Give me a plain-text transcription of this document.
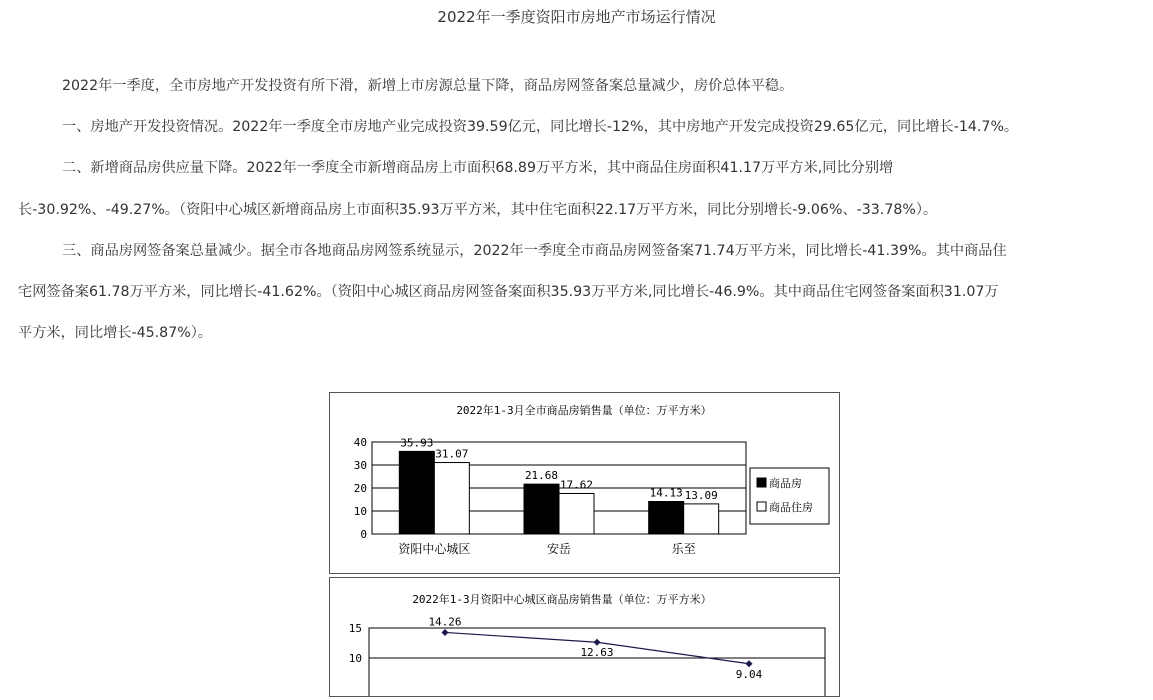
2022年一季度资阳市房地产市场运行情况

2022年一季度，全市房地产开发投资有所下滑，新增上市房源总量下降，商品房网签备案总量减少，房价总体平稳。

一、房地产开发投资情况。2022年一季度全市房地产业完成投资39.59亿元，同比增长-12%，其中房地产开发完成投资29.65亿元，同比增长-14.7%。

二、新增商品房供应量下降。2022年一季度全市新增商品房上市面积68.89万平方米，其中商品住房面积41.17万平方米,同比分别增

长-30.92%、-49.27%。（资阳中心城区新增商品房上市面积35.93万平方米，其中住宅面积22.17万平方米，同比分别增长-9.06%、-33.78%）。

三、商品房网签备案总量减少。据全市各地商品房网签系统显示，2022年一季度全市商品房网签备案71.74万平方米，同比增长-41.39%。其中商品住

宅网签备案61.78万平方米，同比增长-41.62%。（资阳中心城区商品房网签备案面积35.93万平方米,同比增长-46.9%。其中商品住宅网签备案面积31.07万

平方米，同比增长-45.87%）。

2022年1-3月全市商品房销售量（单位：万平方米）
0
10
20
30
40	35.93
31.07
21.68
17.62
14.13 13.09
资阳中心城区	安岳	乐至
商品房
商品住房
2022年1-3月资阳中心城区商品房销售量（单位：万平方米）
10
15
14.26
12.63
9.04
